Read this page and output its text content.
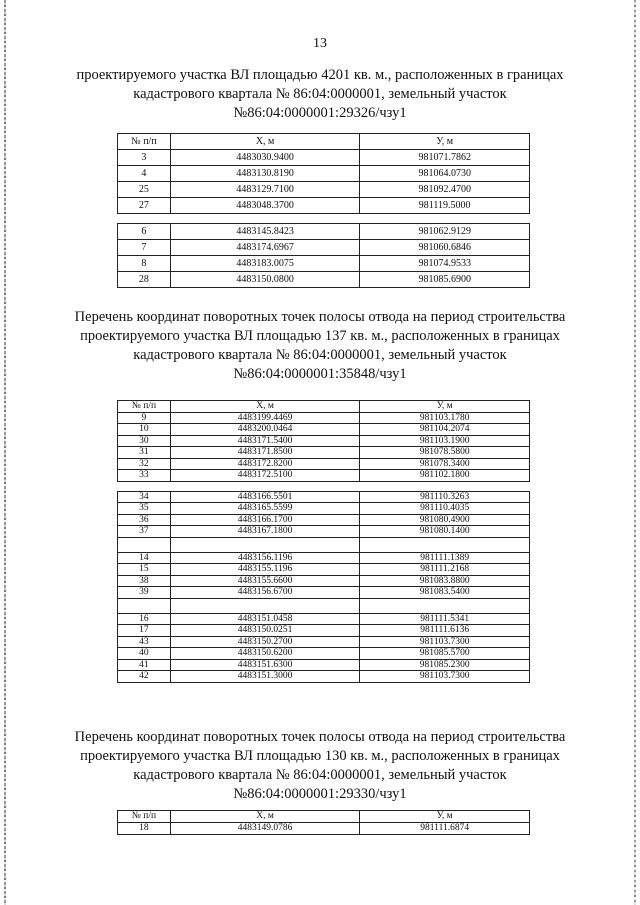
13
проектируемого участка ВЛ площадью 4201 кв. м., расположенных в границах
кадастрового квартала № 86:04:0000001, земельный участок
№86:04:0000001:29326/чзу1
№ п/п	Х, м	У, м
3	4483030.9400	981071.7862
4	4483130.8190	981064.0730
25	4483129.7100	981092.4700
27	4483048.3700	981119.5000

6	4483145.8423	981062.9129
7	4483174.6967	981060.6846
8	4483183.0075	981074.9533
28	4483150.0800	981085.6900
Перечень координат поворотных точек полосы отвода на период строительства
проектируемого участка ВЛ площадью 137 кв. м., расположенных в границах
кадастрового квартала № 86:04:0000001, земельный участок
№86:04:0000001:35848/чзу1
№ п/п	Х, м	У, м
9	4483199.4469	981103.1780
10	4483200.0464	981104.2074
30	4483171.5400	981103.1900
31	4483171.8500	981078.5800
32	4483172.8200	981078.3400
33	4483172.5100	981102.1800

34	4483166.5501	981110.3263
35	4483165.5599	981110.4035
36	4483166.1700	981080.4900
37	4483167.1800	981080.1400

14	4483156.1196	981111.1389
15	4483155.1196	981111.2168
38	4483155.6600	981083.8800
39	4483156.6700	981083.5400

16	4483151.0458	981111.5341
17	4483150.0251	981111.6136
43	4483150.2700	981103.7300
40	4483150.6200	981085.5700
41	4483151.6300	981085.2300
42	4483151.3000	981103.7300
Перечень координат поворотных точек полосы отвода на период строительства
проектируемого участка ВЛ площадью 130 кв. м., расположенных в границах
кадастрового квартала № 86:04:0000001, земельный участок
№86:04:0000001:29330/чзу1
№ п/п	Х, м	У, м
18	4483149.0786	981111.6874
